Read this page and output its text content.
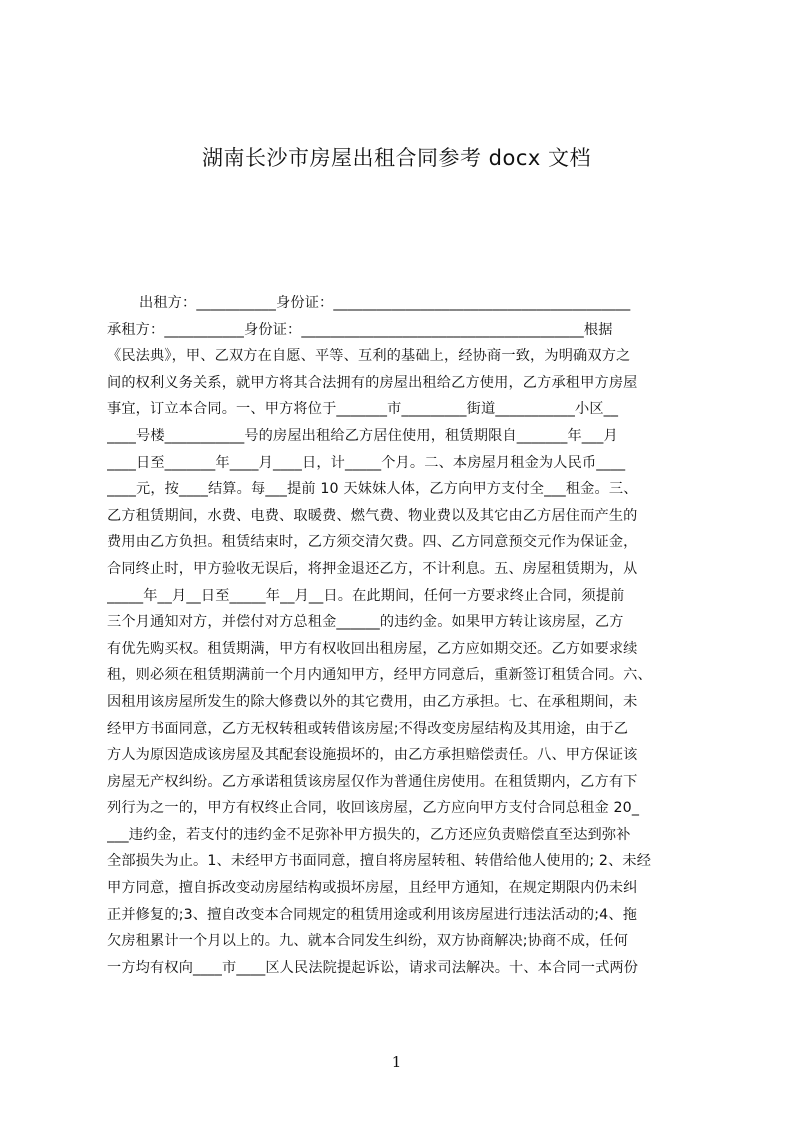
湖南长沙市房屋出租合同参考 docx 文档
出租方：___________身份证：_________________________________________
承租方：___________身份证：_______________________________________根据
《民法典》，甲、乙双方在自愿、平等、互利的基础上，经协商一致，为明确双方之
间的权利义务关系，就甲方将其合法拥有的房屋出租给乙方使用，乙方承租甲方房屋
事宜，订立本合同。一、甲方将位于_______市_________街道___________小区__
____号楼___________号的房屋出租给乙方居住使用，租赁期限自_______年___月
____日至_______年____月____日，计_____个月。二、本房屋月租金为人民币____
____元，按____结算。每___提前 10 天妹妹人体，乙方向甲方支付全___租金。三、
乙方租赁期间，水费、电费、取暖费、燃气费、物业费以及其它由乙方居住而产生的
费用由乙方负担。租赁结束时，乙方须交清欠费。四、乙方同意预交元作为保证金，
合同终止时，甲方验收无误后，将押金退还乙方，不计利息。五、房屋租赁期为，从
_____年__月__日至_____年__月__日。在此期间，任何一方要求终止合同，须提前
三个月通知对方，并偿付对方总租金______的违约金。如果甲方转让该房屋，乙方
有优先购买权。租赁期满，甲方有权收回出租房屋，乙方应如期交还。乙方如要求续
租，则必须在租赁期满前一个月内通知甲方，经甲方同意后，重新签订租赁合同。六、
因租用该房屋所发生的除大修费以外的其它费用，由乙方承担。七、在承租期间，未
经甲方书面同意，乙方无权转租或转借该房屋;不得改变房屋结构及其用途，由于乙
方人为原因造成该房屋及其配套设施损坏的，由乙方承担赔偿责任。八、甲方保证该
房屋无产权纠纷。乙方承诺租赁该房屋仅作为普通住房使用。在租赁期内，乙方有下
列行为之一的，甲方有权终止合同，收回该房屋，乙方应向甲方支付合同总租金 20_
___违约金，若支付的违约金不足弥补甲方损失的，乙方还应负责赔偿直至达到弥补
全部损失为止。1、未经甲方书面同意，擅自将房屋转租、转借给他人使用的; 2、未经
甲方同意，擅自拆改变动房屋结构或损坏房屋，且经甲方通知，在规定期限内仍未纠
正并修复的;3、擅自改变本合同规定的租赁用途或利用该房屋进行违法活动的;4、拖
欠房租累计一个月以上的。九、就本合同发生纠纷，双方协商解决;协商不成，任何
一方均有权向____市____区人民法院提起诉讼，请求司法解决。十、本合同一式两份
1
